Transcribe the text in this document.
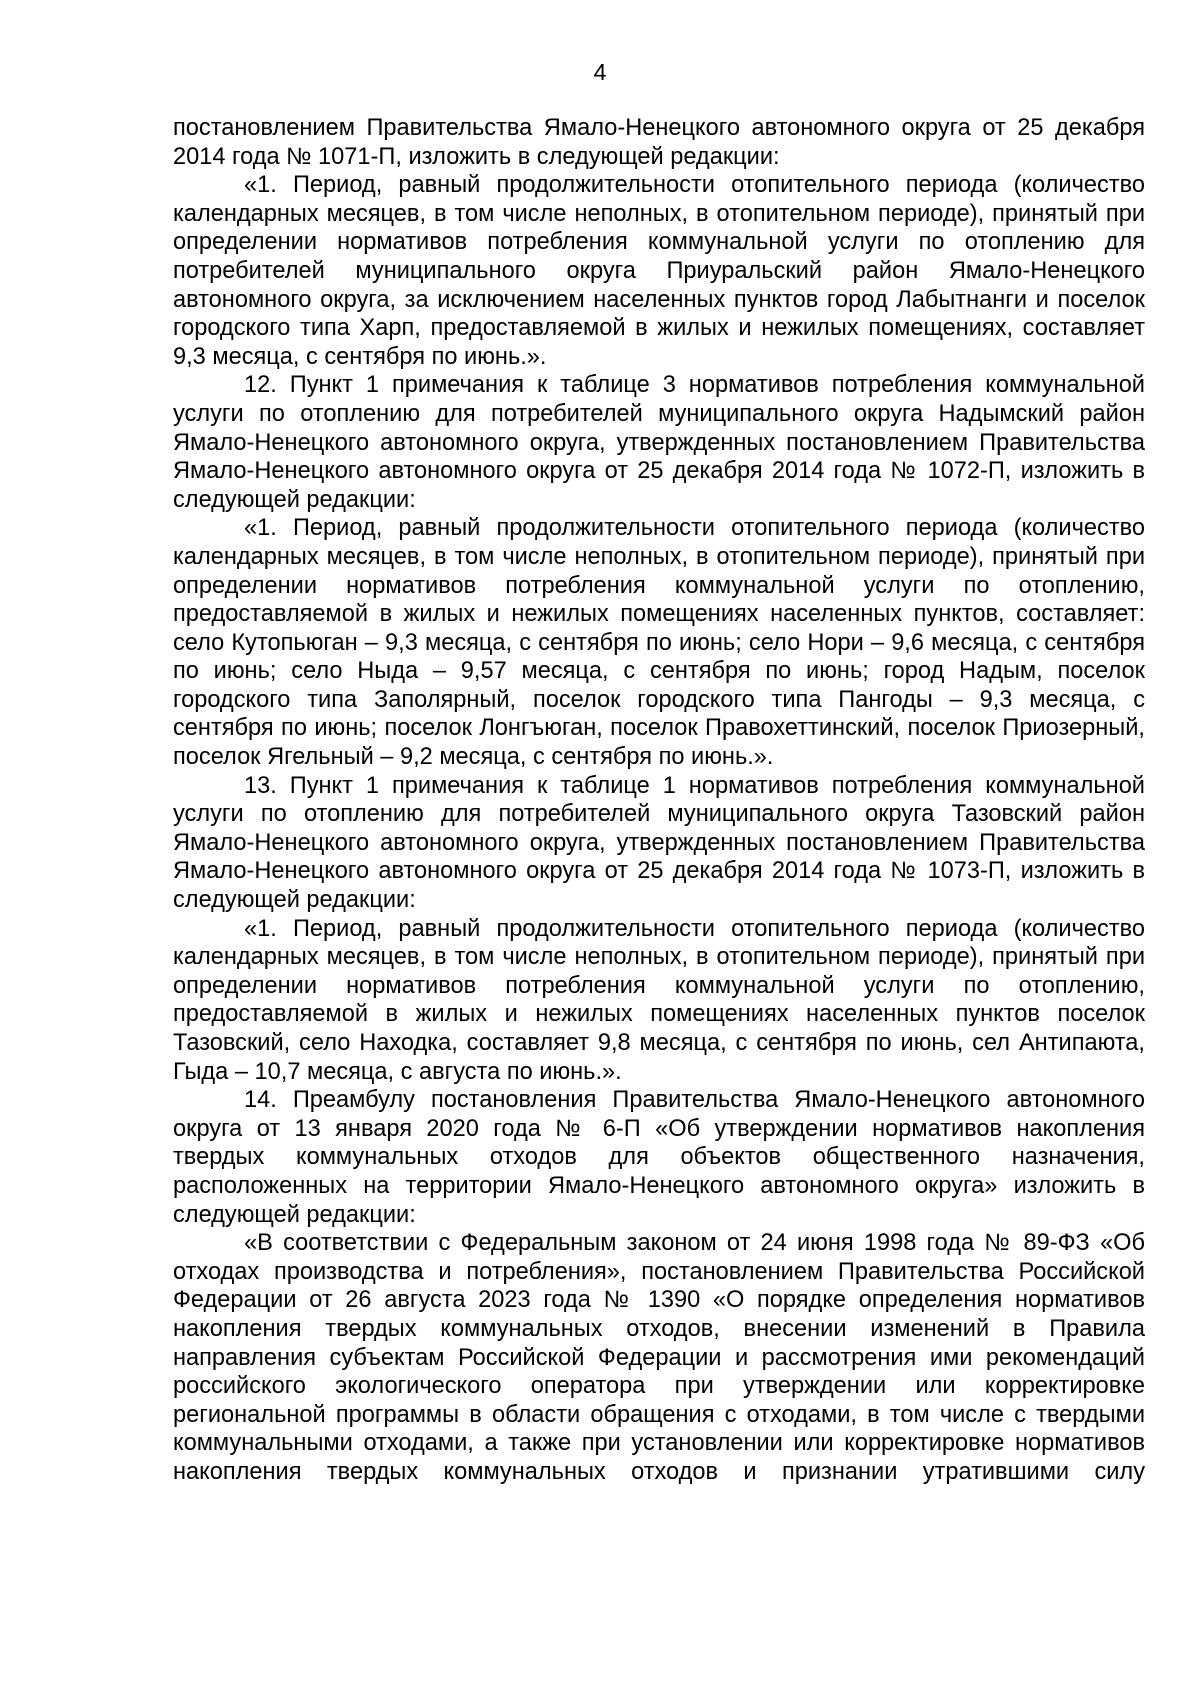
4

постановлением Правительства Ямало-Ненецкого автономного округа от 25 декабря 2014 года № 1071-П, изложить в следующей редакции:

«1. Период, равный продолжительности отопительного периода (количество календарных месяцев, в том числе неполных, в отопительном периоде), принятый при определении нормативов потребления коммунальной услуги по отоплению для потребителей муниципального округа Приуральский район Ямало-Ненецкого автономного округа, за исключением населенных пунктов город Лабытнанги и поселок городского типа Харп, предоставляемой в жилых и нежилых помещениях, составляет 9,3 месяца, с сентября по июнь.».

12. Пункт 1 примечания к таблице 3 нормативов потребления коммунальной услуги по отоплению для потребителей муниципального округа Надымский район Ямало-Ненецкого автономного округа, утвержденных постановлением Правительства Ямало-Ненецкого автономного округа от 25 декабря 2014 года № 1072-П, изложить в следующей редакции:

«1. Период, равный продолжительности отопительного периода (количество календарных месяцев, в том числе неполных, в отопительном периоде), принятый при определении нормативов потребления коммунальной услуги по отоплению, предоставляемой в жилых и нежилых помещениях населенных пунктов, составляет: село Кутопьюган – 9,3 месяца, с сентября по июнь; село Нори – 9,6 месяца, с сентября по июнь; село Ныда – 9,57 месяца, с сентября по июнь; город Надым, поселок городского типа Заполярный, поселок городского типа Пангоды – 9,3 месяца, с сентября по июнь; поселок Лонгъюган, поселок Правохеттинский, поселок Приозерный, поселок Ягельный – 9,2 месяца, с сентября по июнь.».

13. Пункт 1 примечания к таблице 1 нормативов потребления коммунальной услуги по отоплению для потребителей муниципального округа Тазовский район Ямало-Ненецкого автономного округа, утвержденных постановлением Правительства Ямало-Ненецкого автономного округа от 25 декабря 2014 года № 1073-П, изложить в следующей редакции:

«1. Период, равный продолжительности отопительного периода (количество календарных месяцев, в том числе неполных, в отопительном периоде), принятый при определении нормативов потребления коммунальной услуги по отоплению, предоставляемой в жилых и нежилых помещениях населенных пунктов поселок Тазовский, село Находка, составляет 9,8 месяца, с сентября по июнь, сел Антипаюта, Гыда – 10,7 месяца, с августа по июнь.».

14. Преамбулу постановления Правительства Ямало-Ненецкого автономного округа от 13 января 2020 года № 6-П «Об утверждении нормативов накопления твердых коммунальных отходов для объектов общественного назначения, расположенных на территории Ямало-Ненецкого автономного округа» изложить в следующей редакции:

«В соответствии с Федеральным законом от 24 июня 1998 года № 89-ФЗ «Об отходах производства и потребления», постановлением Правительства Российской Федерации от 26 августа 2023 года № 1390 «О порядке определения нормативов накопления твердых коммунальных отходов, внесении изменений в Правила направления субъектам Российской Федерации и рассмотрения ими рекомендаций российского экологического оператора при утверждении или корректировке региональной программы в области обращения с отходами, в том числе с твердыми коммунальными отходами, а также при установлении или корректировке нормативов накопления твердых коммунальных отходов и признании утратившими силу
